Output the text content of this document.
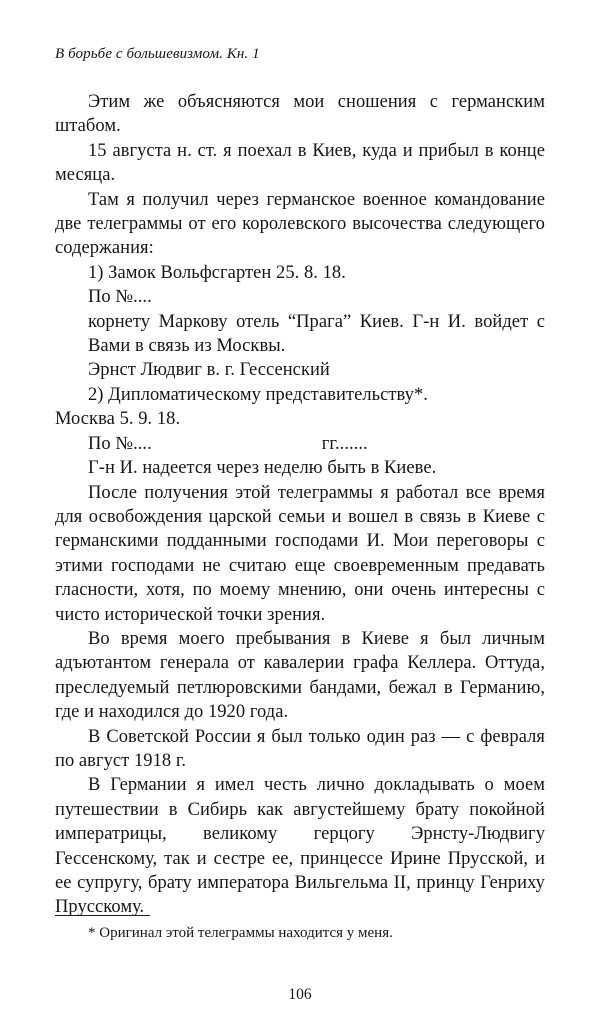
В борьбе с большевизмом. Кн. 1

Этим же объясняются мои сношения с германским штабом.

15 августа н. ст. я поехал в Киев, куда и прибыл в конце месяца.

Там я получил через германское военное командование две телеграммы от его королевского высочества следующего содержания:

1) Замок Вольфсгартен 25. 8. 18.

По №....

корнету Маркову отель “Прага” Киев. Г-н И. войдет с Вами в связь из Москвы.

Эрнст Людвиг в. г. Гессенский

2) Дипломатическому представительству*.

Москва 5. 9. 18.

По №....	гг.......

Г-н И. надеется через неделю быть в Киеве.

После получения этой телеграммы я работал все время для освобождения царской семьи и вошел в связь в Киеве с германскими подданными господами И. Мои переговоры с этими господами не считаю еще своевременным предавать гласности, хотя, по моему мнению, они очень интересны с чисто исторической точки зрения.

Во время моего пребывания в Киеве я был личным адъютантом генерала от кавалерии графа Келлера. Оттуда, преследуемый петлюровскими бандами, бежал в Германию, где и находился до 1920 года.

В Советской России я был только один раз — с февраля по август 1918 г.

В Германии я имел честь лично докладывать о моем путешествии в Сибирь как августейшему брату покойной императрицы, великому герцогу Эрнсту-Людвигу Гессенскому, так и сестре ее, принцессе Ирине Прусской, и ее супругу, брату императора Вильгельма II, принцу Генриху Прусскому.

* Оригинал этой телеграммы находится у меня.
106
